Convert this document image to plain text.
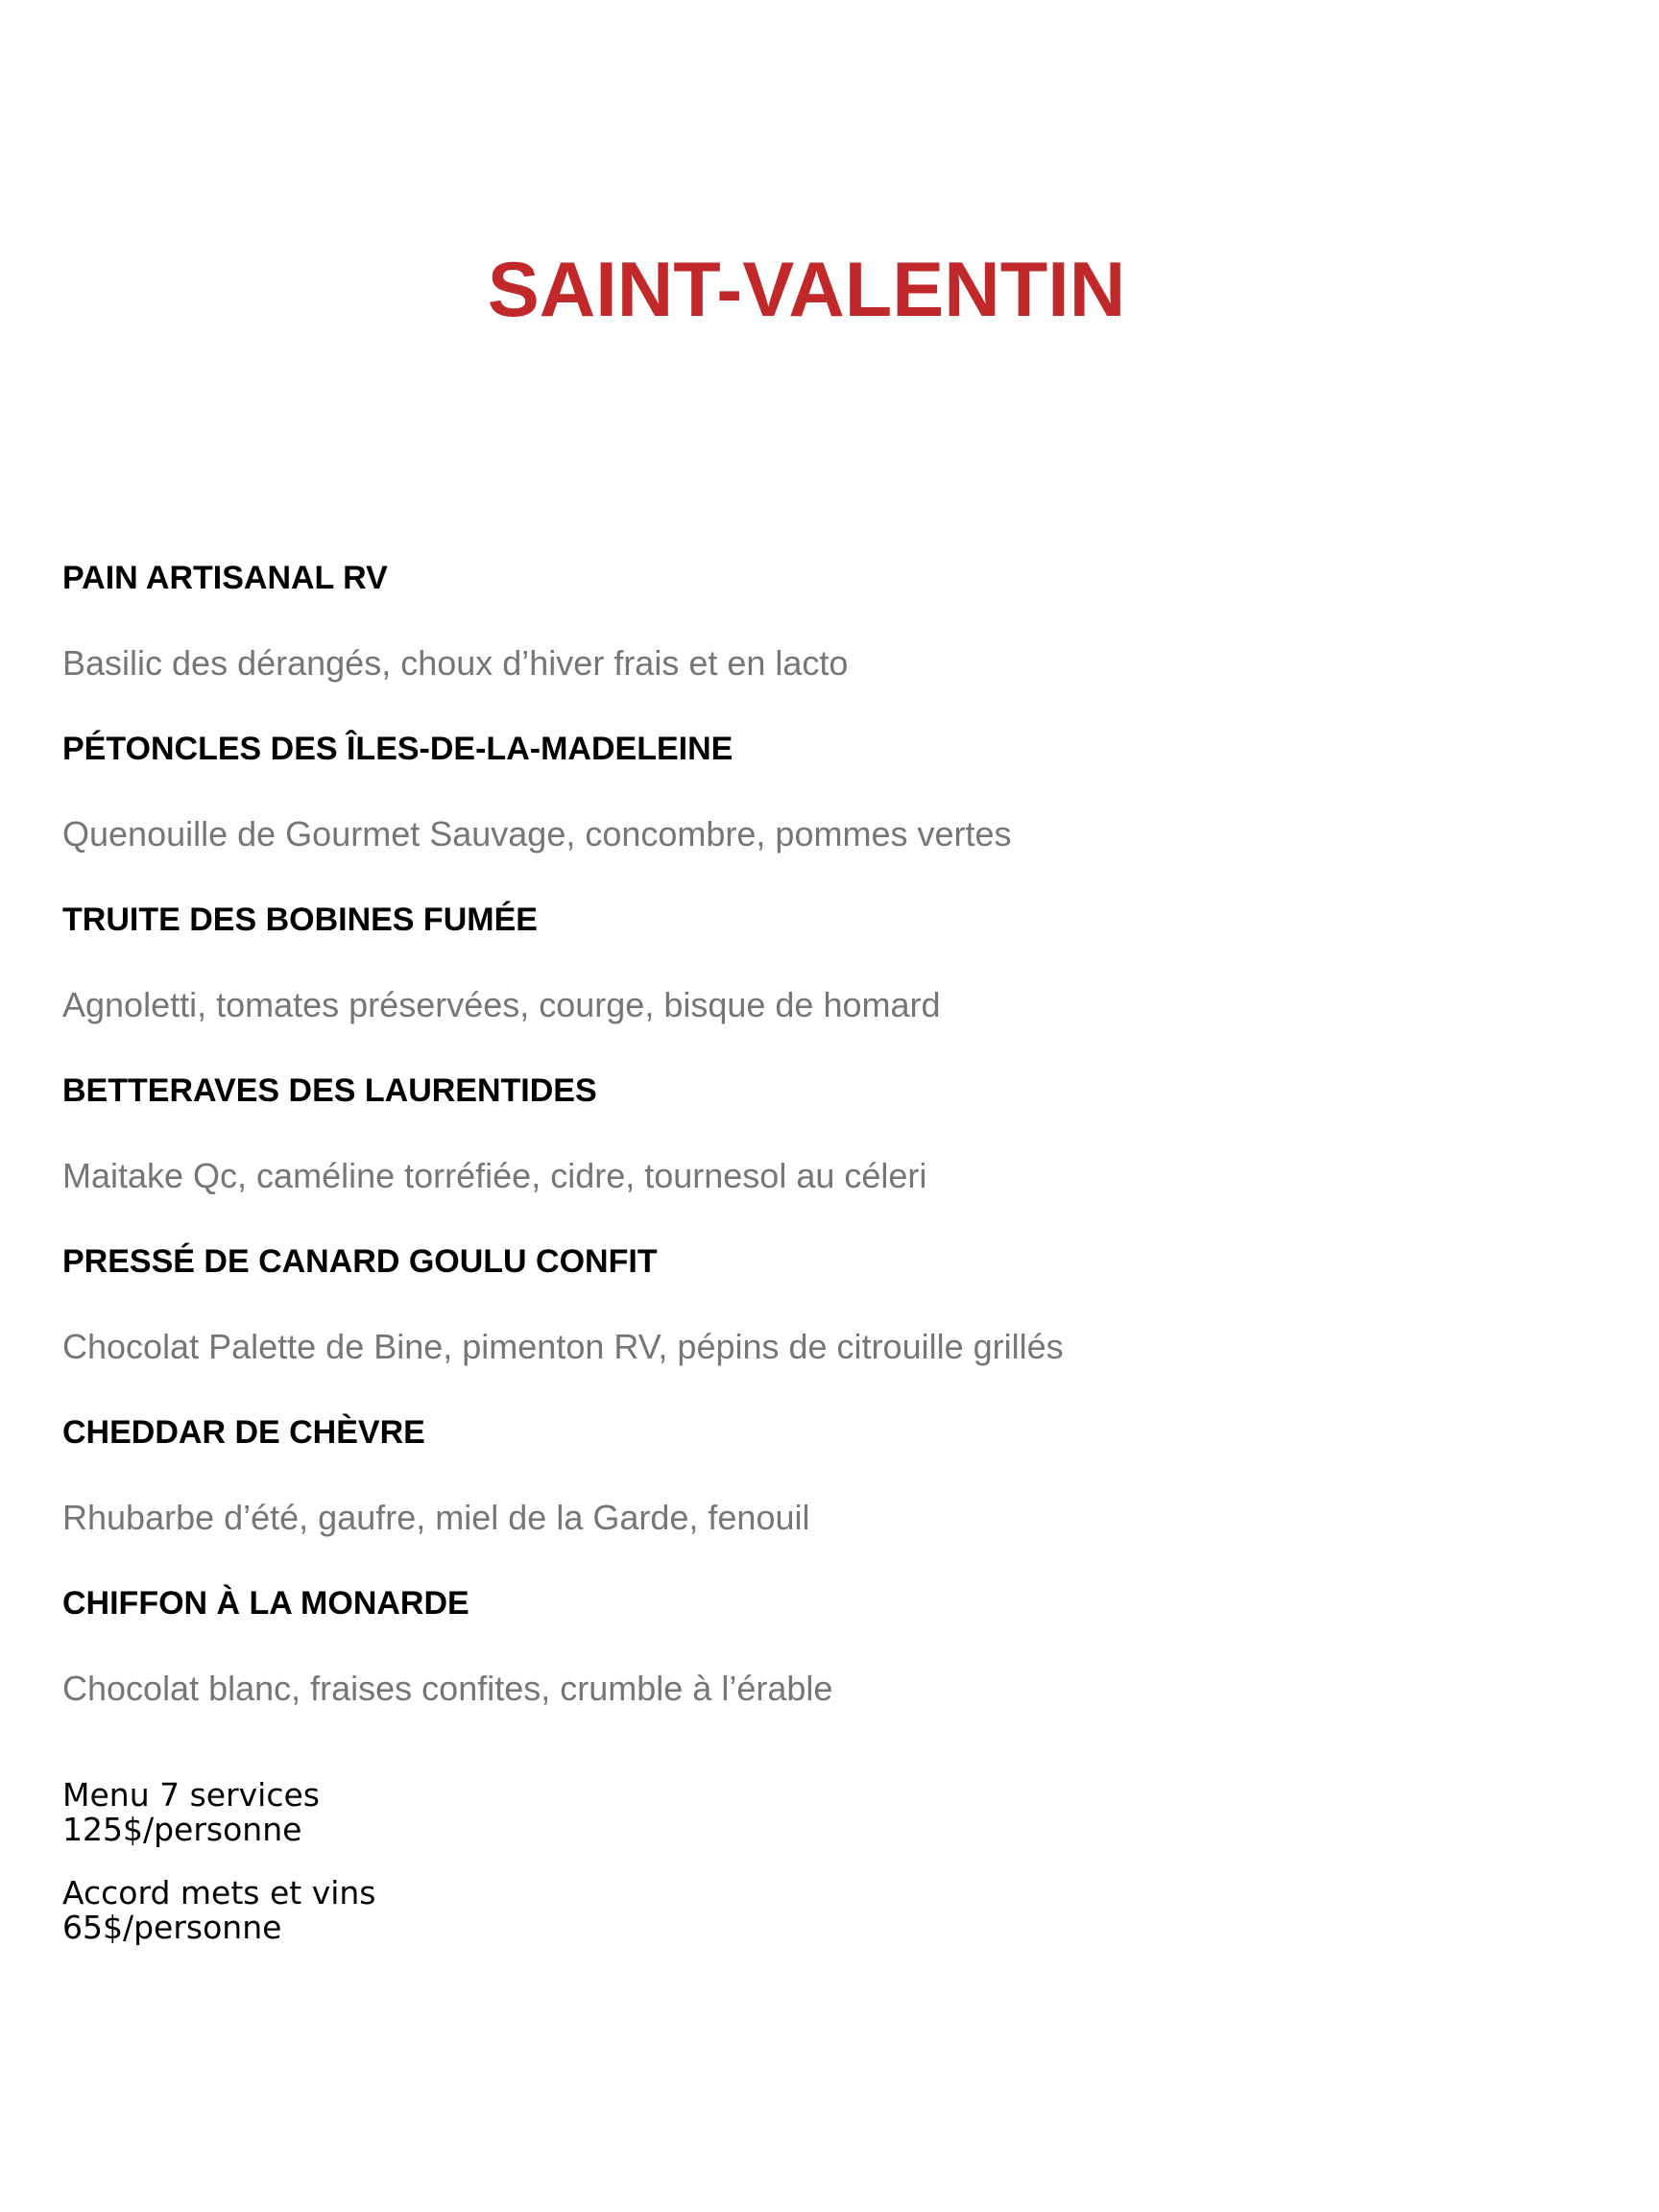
SAINT-VALENTIN
PAIN ARTISANAL RV
Basilic des dérangés, choux d’hiver frais et en lacto
PÉTONCLES DES ÎLES-DE-LA-MADELEINE
Quenouille de Gourmet Sauvage, concombre, pommes vertes
TRUITE DES BOBINES FUMÉE
Agnoletti, tomates préservées, courge, bisque de homard
BETTERAVES DES LAURENTIDES
Maitake Qc, caméline torréfiée, cidre, tournesol au céleri
PRESSÉ DE CANARD GOULU CONFIT
Chocolat Palette de Bine, pimenton RV, pépins de citrouille grillés
CHEDDAR DE CHÈVRE
Rhubarbe d’été, gaufre, miel de la Garde, fenouil
CHIFFON À LA MONARDE
Chocolat blanc, fraises confites, crumble à l’érable
Menu 7 services
125$/personne
Accord mets et vins
65$/personne
